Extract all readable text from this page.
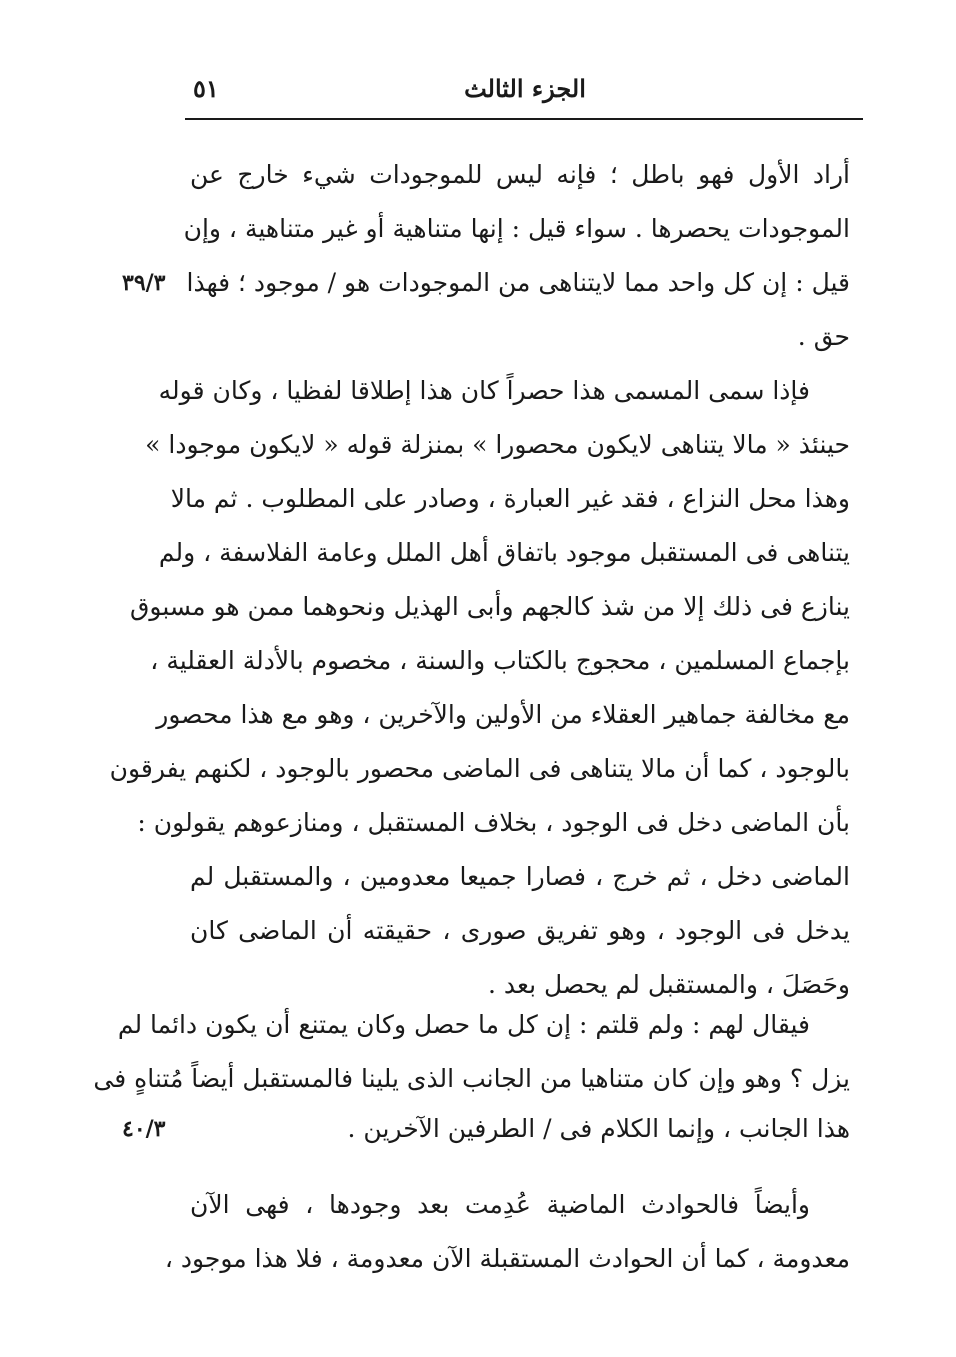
٥١	الجزء الثالث
أراد الأول فهو باطل ؛ فإنه ليس للموجودات شيء خارج عن
الموجودات يحصرها . سواء قيل : إنها متناهية أو غير متناهية ، وإن
قيل : إن كل واحد مما لايتناهى من الموجودات هو / موجود ؛ فهذا
٣٩/٣
حق .
فإذا سمى المسمى هذا حصراً كان هذا إطلاقا لفظيا ، وكان قوله
حينئذ « مالا يتناهى لايكون محصورا » بمنزلة قوله « لايكون موجودا »
وهذا محل النزاع ، فقد غير العبارة ، وصادر على المطلوب . ثم مالا
يتناهى فى المستقبل موجود باتفاق أهل الملل وعامة الفلاسفة ، ولم
ينازع فى ذلك إلا من شذ كالجهم وأبى الهذيل ونحوهما ممن هو مسبوق
بإجماع المسلمين ، محجوج بالكتاب والسنة ، مخصوم بالأدلة العقلية ،
مع مخالفة جماهير العقلاء من الأولين والآخرين ، وهو مع هذا محصور
بالوجود ، كما أن مالا يتناهى فى الماضى محصور بالوجود ، لكنهم يفرقون
بأن الماضى دخل فى الوجود ، بخلاف المستقبل ، ومنازعوهم يقولون :
الماضى دخل ، ثم خرج ، فصارا جميعا معدومين ، والمستقبل لم
يدخل فى الوجود ، وهو تفريق صورى ، حقيقته أن الماضى كان
وحَصَلَ ، والمستقبل لم يحصل بعد .
فيقال لهم : ولم قلتم : إن كل ما حصل وكان يمتنع أن يكون دائما لم
يزل ؟ وهو وإن كان متناهيا من الجانب الذى يلينا فالمستقبل أيضاً مُتناهٍ فى
هذا الجانب ، وإنما الكلام فى / الطرفين الآخرين .
٤٠/٣
وأيضاً فالحوادث الماضية عُدِمت بعد وجودها ، فهى الآن
معدومة ، كما أن الحوادث المستقبلة الآن معدومة ، فلا هذا موجود ،
